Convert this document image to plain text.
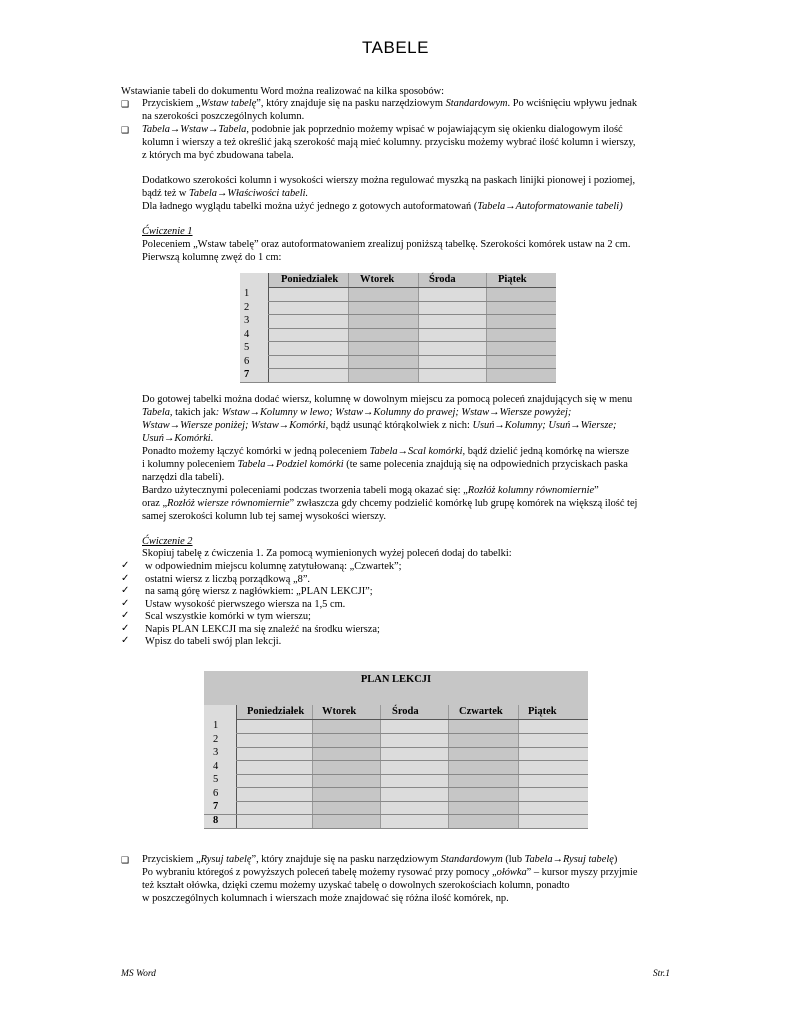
TABELE

Wstawianie tabeli do dokumentu Word można realizować na kilka sposobów:

❑ Przyciskiem „Wstaw tabelę”, który znajduje się na pasku narzędziowym Standardowym. Po wciśnięciu wpływu jednak

na szerokości poszczególnych kolumn.

❑ Tabela→Wstaw→Tabela, podobnie jak poprzednio możemy wpisać w pojawiającym się okienku dialogowym ilość

kolumn i wierszy a też określić jaką szerokość mają mieć kolumny. przycisku możemy wybrać ilość kolumn i wierszy,

z których ma być zbudowana tabela.

Dodatkowo szerokości kolumn i wysokości wierszy można regulować myszką na paskach linijki pionowej i poziomej,

bądź też w Tabela→Właściwości tabeli.

Dla ładnego wyglądu tabelki można użyć jednego z gotowych autoformatowań (Tabela→Autoformatowanie tabeli)

Ćwiczenie 1

Poleceniem „Wstaw tabelę” oraz autoformatowaniem zrealizuj poniższą tabelkę. Szerokości komórek ustaw na 2 cm.

Pierwszą kolumnę zwęź do 1 cm:

Poniedziałek Wtorek	Środa	Piątek
1
2
3
4
5
6
7

Do gotowej tabelki można dodać wiersz, kolumnę w dowolnym miejscu za pomocą poleceń znajdujących się w menu

Tabela, takich jak: Wstaw→Kolumny w lewo; Wstaw→Kolumny do prawej; Wstaw→Wiersze powyżej;

Wstaw→Wiersze poniżej; Wstaw→Komórki, bądź usunąć którąkolwiek z nich: Usuń→Kolumny; Usuń→Wiersze;

Usuń→Komórki.

Ponadto możemy łączyć komórki w jedną poleceniem Tabela→Scal komórki, bądź dzielić jedną komórkę na wiersze

i kolumny poleceniem Tabela→Podziel komórki (te same polecenia znajdują się na odpowiednich przyciskach paska

narzędzi dla tabeli).

Bardzo użytecznymi poleceniami podczas tworzenia tabeli mogą okazać się: „Rozłóż kolumny równomiernie”

oraz „Rozłóż wiersze równomiernie” zwłaszcza gdy chcemy podzielić komórkę lub grupę komórek na większą ilość tej

samej szerokości kolumn lub tej samej wysokości wierszy.

Ćwiczenie 2

Skopiuj tabelę z ćwiczenia 1. Za pomocą wymienionych wyżej poleceń dodaj do tabelki:

✓ w odpowiednim miejscu kolumnę zatytułowaną: „Czwartek”;

✓ ostatni wiersz z liczbą porządkową „8”.

✓ na samą górę wiersz z nagłówkiem: „PLAN LEKCJI”;

✓ Ustaw wysokość pierwszego wiersza na 1,5 cm.

✓ Scal wszystkie komórki w tym wierszu;

✓ Napis PLAN LEKCJI ma się znaleźć na środku wiersza;

✓ Wpisz do tabeli swój plan lekcji.

PLAN LEKCJI
Poniedziałek Wtorek	Środa	Czwartek Piątek
1
2
3
4
5
6
7
8
❑ Przyciskiem „Rysuj tabelę”, który znajduje się na pasku narzędziowym Standardowym (lub Tabela→Rysuj tabelę)

Po wybraniu któregoś z powyższych poleceń tabelę możemy rysować przy pomocy „ołówka” – kursor myszy przyjmie

też kształt ołówka, dzięki czemu możemy uzyskać tabelę o dowolnych szerokościach kolumn, ponadto

w poszczególnych kolumnach i wierszach może znajdować się różna ilość komórek, np.

MS Word	Str.1
